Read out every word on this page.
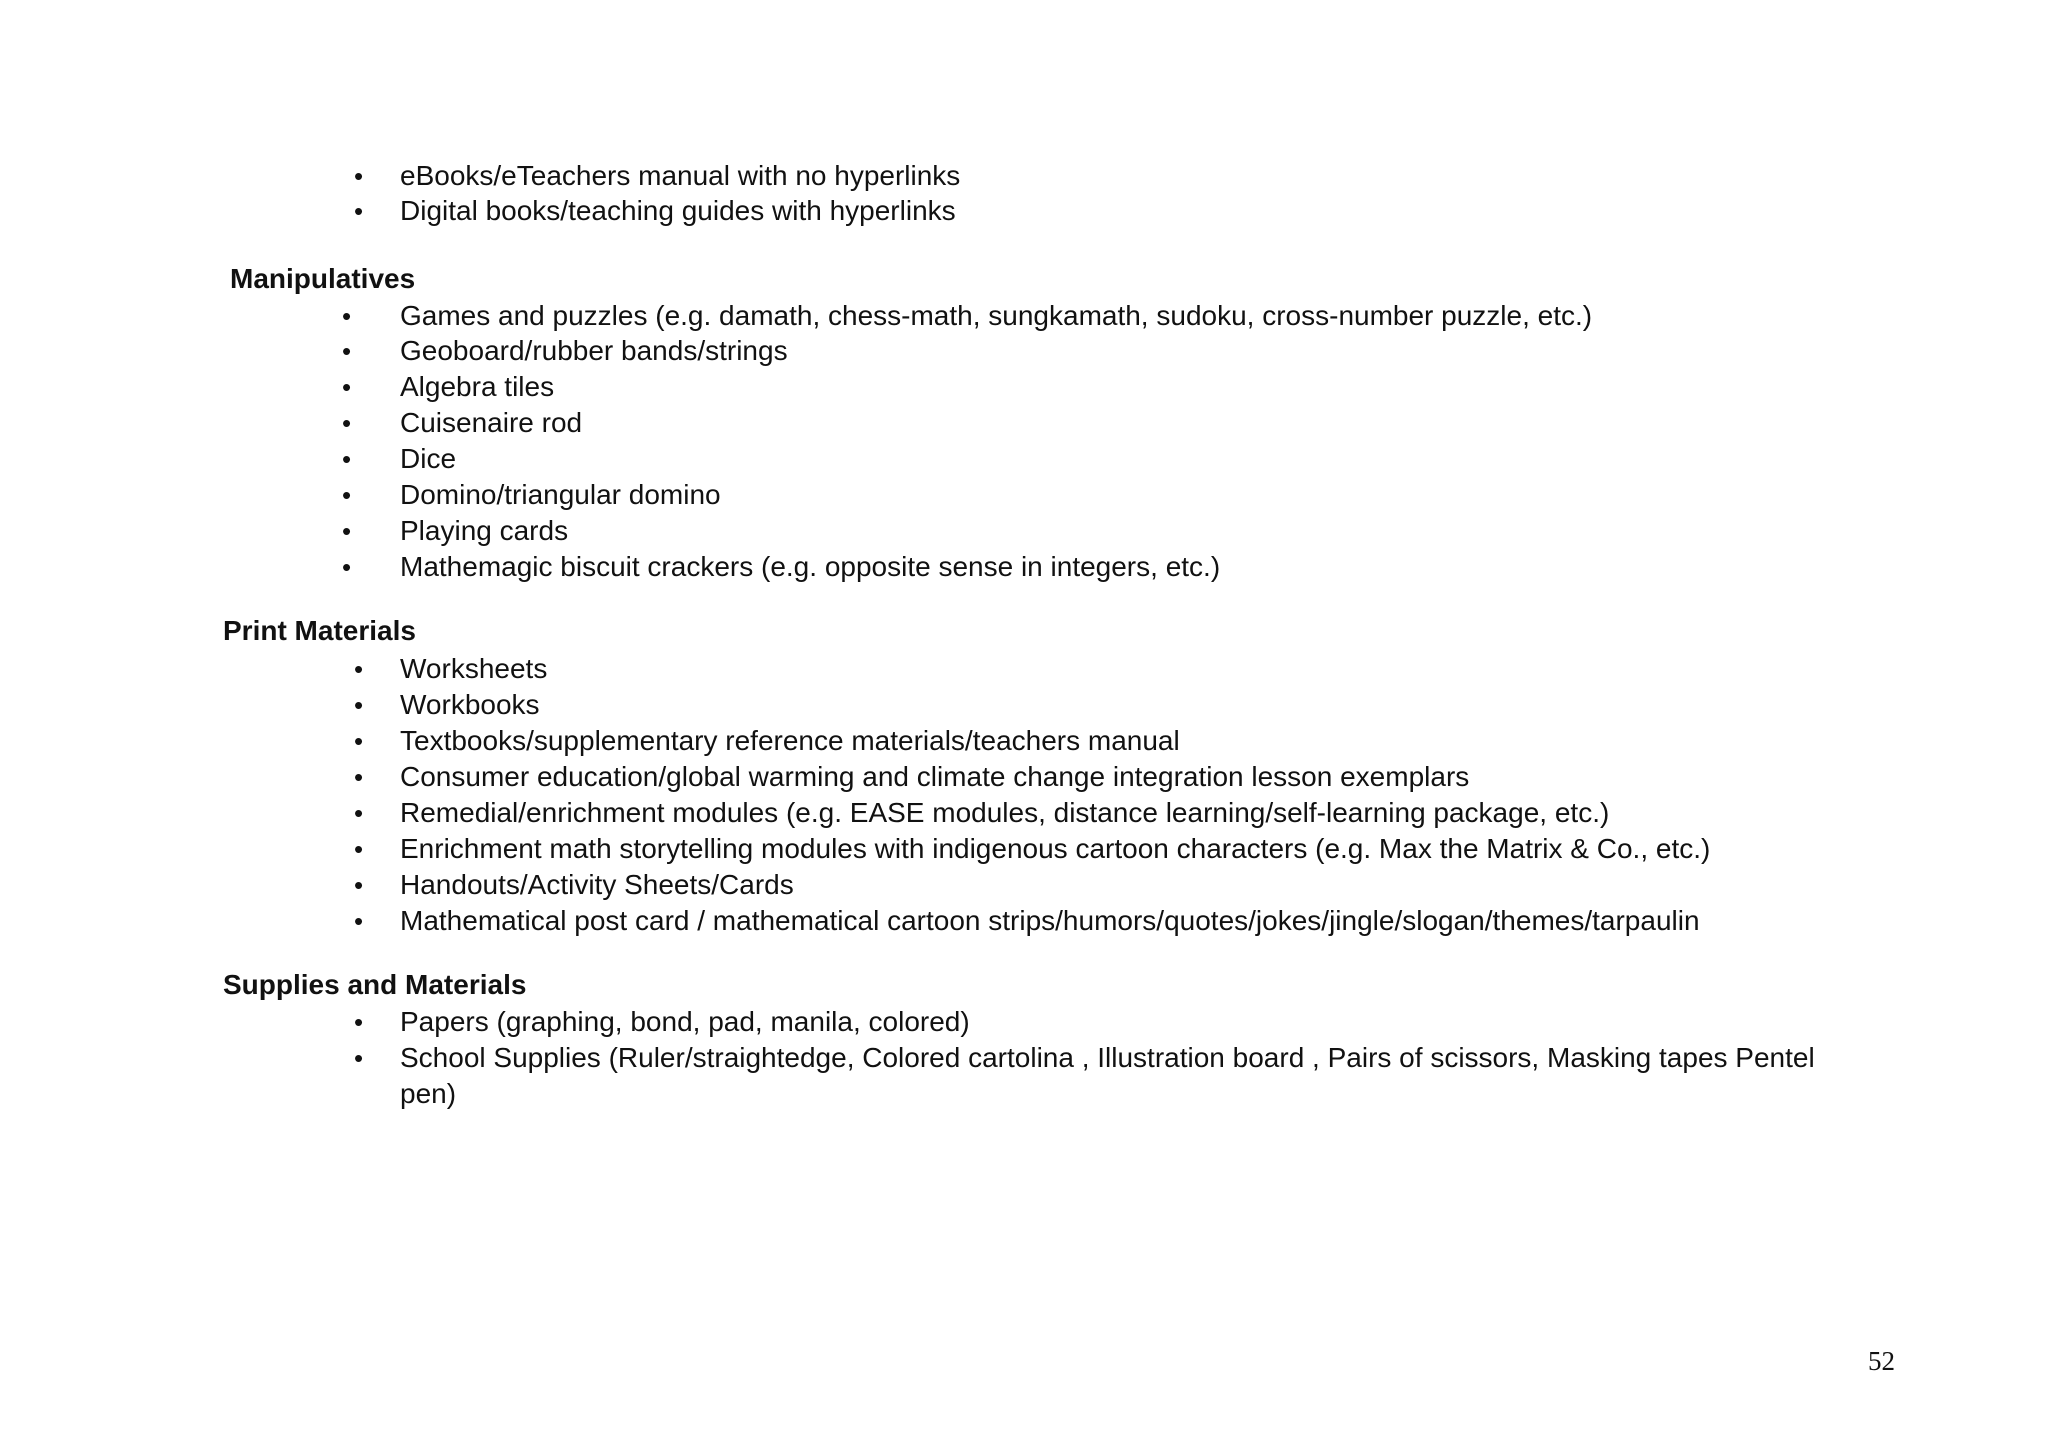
• eBooks/eTeachers manual with no hyperlinks
• Digital books/teaching guides with hyperlinks
Manipulatives
• Games and puzzles (e.g. damath, chess-math, sungkamath, sudoku, cross-number puzzle, etc.)
• Geoboard/rubber bands/strings
• Algebra tiles
• Cuisenaire rod
• Dice
• Domino/triangular domino
• Playing cards
• Mathemagic biscuit crackers (e.g. opposite sense in integers, etc.)
Print Materials
• Worksheets
• Workbooks
• Textbooks/supplementary reference materials/teachers manual
• Consumer education/global warming and climate change integration lesson exemplars
• Remedial/enrichment modules (e.g. EASE modules, distance learning/self-learning package, etc.)
• Enrichment math storytelling modules with indigenous cartoon characters (e.g. Max the Matrix & Co., etc.)
• Handouts/Activity Sheets/Cards
• Mathematical post card / mathematical cartoon strips/humors/quotes/jokes/jingle/slogan/themes/tarpaulin
Supplies and Materials
• Papers (graphing, bond, pad, manila, colored)
• School Supplies (Ruler/straightedge, Colored cartolina , Illustration board , Pairs of scissors, Masking tapes Pentel pen)
52
